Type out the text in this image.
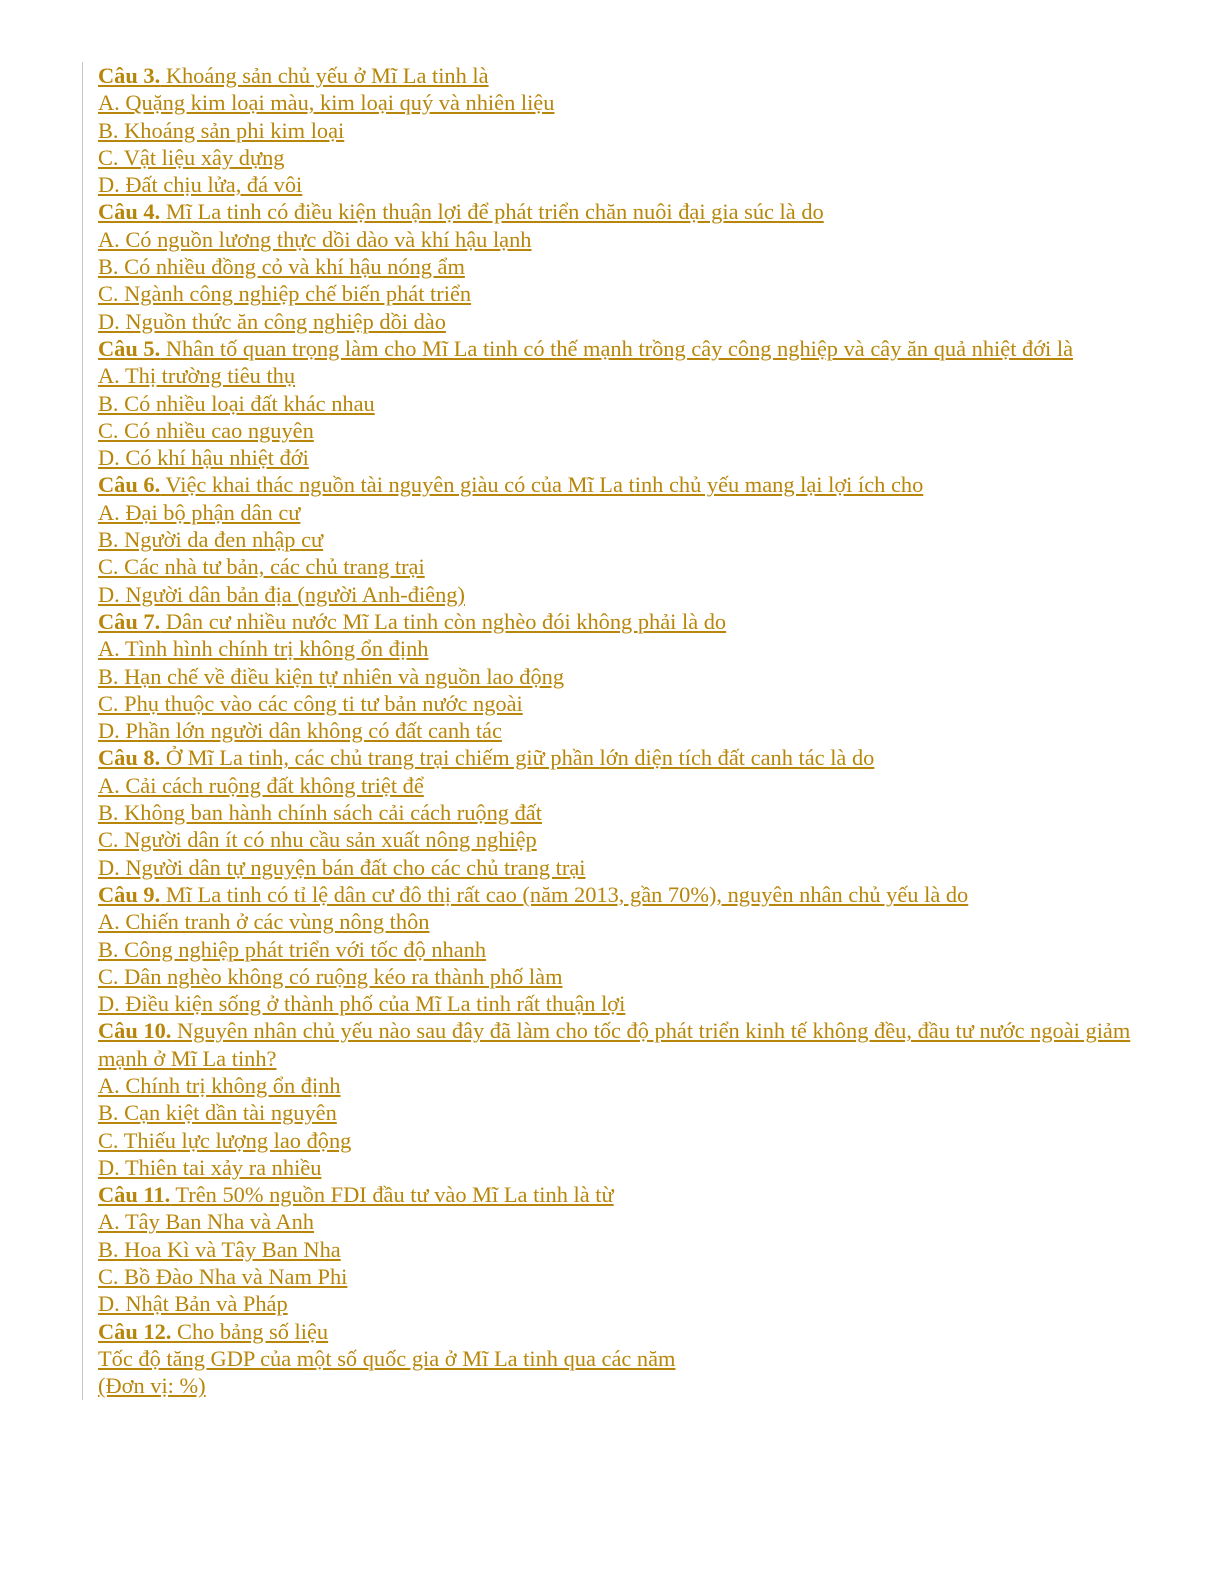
Câu 3. Khoáng sản chủ yếu ở Mĩ La tinh là
A. Quặng kim loại màu, kim loại quý và nhiên liệu
B. Khoáng sản phi kim loại
C. Vật liệu xây dựng
D. Đất chịu lửa, đá vôi
Câu 4. Mĩ La tinh có điều kiện thuận lợi để phát triển chăn nuôi đại gia súc là do
A. Có nguồn lương thực dồi dào và khí hậu lạnh
B. Có nhiều đồng cỏ và khí hậu nóng ẩm
C. Ngành công nghiệp chế biến phát triển
D. Nguồn thức ăn công nghiệp dồi dào
Câu 5. Nhân tố quan trọng làm cho Mĩ La tinh có thế mạnh trồng cây công nghiệp và cây ăn quả nhiệt đới là
A. Thị trường tiêu thụ
B. Có nhiều loại đất khác nhau
C. Có nhiều cao nguyên
D. Có khí hậu nhiệt đới
Câu 6. Việc khai thác nguồn tài nguyên giàu có của Mĩ La tinh chủ yếu mang lại lợi ích cho
A. Đại bộ phận dân cư
B. Người da đen nhập cư
C. Các nhà tư bản, các chủ trang trại
D. Người dân bản địa (người Anh-điêng)
Câu 7. Dân cư nhiều nước Mĩ La tinh còn nghèo đói không phải là do
A. Tình hình chính trị không ổn định
B. Hạn chế về điều kiện tự nhiên và nguồn lao động
C. Phụ thuộc vào các công ti tư bản nước ngoài
D. Phần lớn người dân không có đất canh tác
Câu 8. Ở Mĩ La tinh, các chủ trang trại chiếm giữ phần lớn diện tích đất canh tác là do
A. Cải cách ruộng đất không triệt để
B. Không ban hành chính sách cải cách ruộng đất
C. Người dân ít có nhu cầu sản xuất nông nghiệp
D. Người dân tự nguyện bán đất cho các chủ trang trại
Câu 9. Mĩ La tinh có tỉ lệ dân cư đô thị rất cao (năm 2013, gần 70%), nguyên nhân chủ yếu là do
A. Chiến tranh ở các vùng nông thôn
B. Công nghiệp phát triển với tốc độ nhanh
C. Dân nghèo không có ruộng kéo ra thành phố làm
D. Điều kiện sống ở thành phố của Mĩ La tinh rất thuận lợi
Câu 10. Nguyên nhân chủ yếu nào sau đây đã làm cho tốc độ phát triển kinh tế không đều, đầu tư nước ngoài giảm mạnh ở Mĩ La tinh?
A. Chính trị không ổn định
B. Cạn kiệt dần tài nguyên
C. Thiếu lực lượng lao động
D. Thiên tai xảy ra nhiều
Câu 11. Trên 50% nguồn FDI đầu tư vào Mĩ La tinh là từ
A. Tây Ban Nha và Anh
B. Hoa Kì và Tây Ban Nha
C. Bồ Đào Nha và Nam Phi
D. Nhật Bản và Pháp
Câu 12. Cho bảng số liệu
Tốc độ tăng GDP của một số quốc gia ở Mĩ La tinh qua các năm
(Đơn vị: %)
